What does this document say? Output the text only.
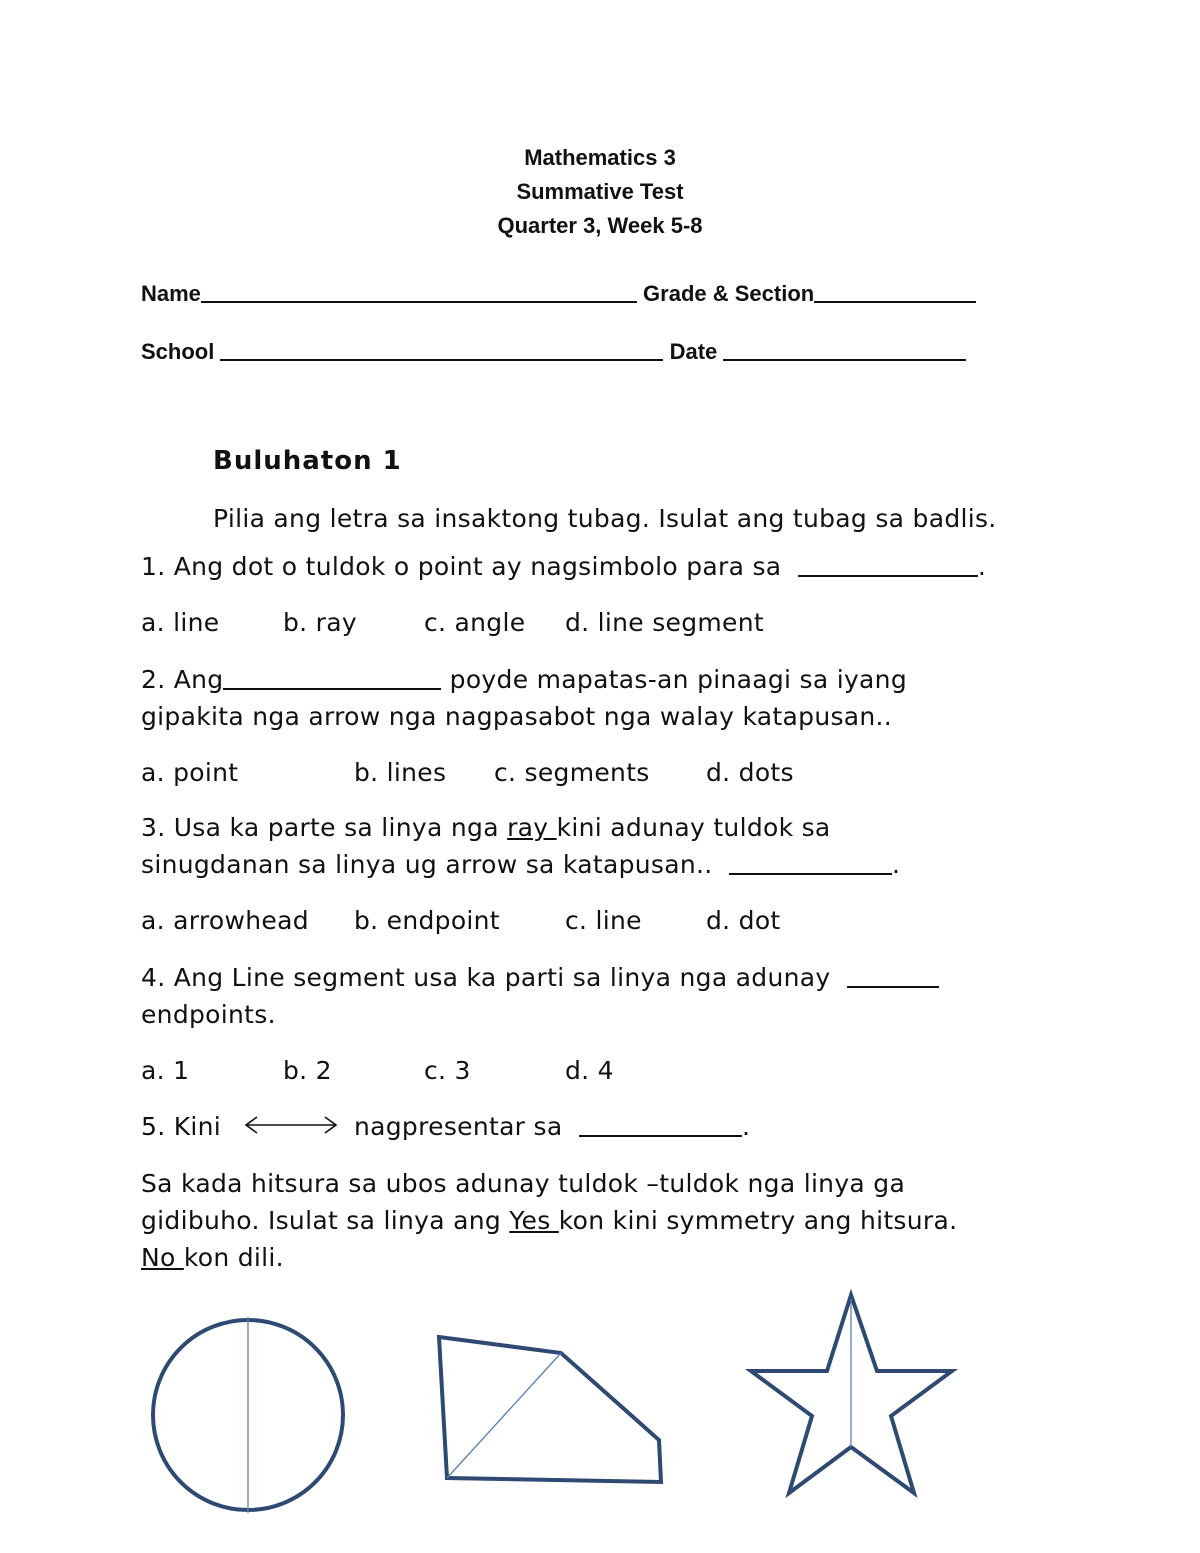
Mathematics 3
Summative Test
Quarter 3, Week 5-8
Name	Grade & Section
School	Date
Buluhaton 1
Pilia ang letra sa insaktong tubag. Isulat ang tubag sa badlis.
1. Ang dot o tuldok o point ay nagsimbolo para sa	.
a. line	b. ray	c. angle d. line segment
2. Ang	poyde mapatas-an pinaagi sa iyang
gipakita nga arrow nga nagpasabot nga walay katapusan..
a. point	b. lines c. segments d. dots
3. Usa ka parte sa linya nga ray kini adunay tuldok sa
sinugdanan sa linya ug arrow sa katapusan..	.
a. arrowhead b. endpoint	c. line	d. dot
4. Ang Line segment usa ka parti sa linya nga adunay
endpoints.
a. 1	b. 2	c. 3	d. 4
5. Kini	nagpresentar sa	.
Sa kada hitsura sa ubos adunay tuldok –tuldok nga linya ga
gidibuho. Isulat sa linya ang Yes kon kini symmetry ang hitsura.
No kon dili.
